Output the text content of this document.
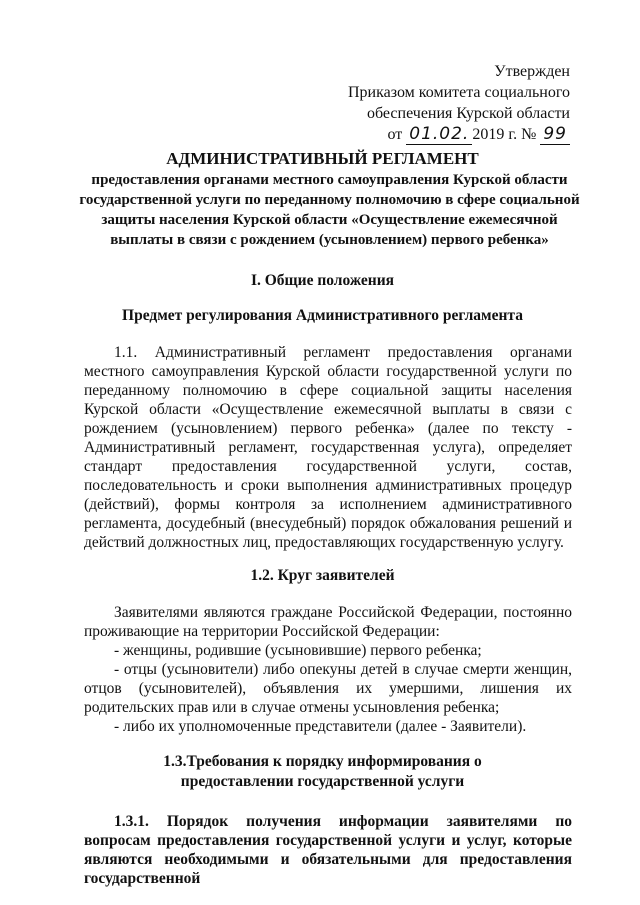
Утвержден
Приказом комитета социального
обеспечения Курской области
от 01.02. 2019 г. № 99
АДМИНИСТРАТИВНЫЙ РЕГЛАМЕНТ
предоставления органами местного самоуправления Курской области государственной услуги по переданному полномочию в сфере социальной защиты населения Курской области «Осуществление ежемесячной выплаты в связи с рождением (усыновлением) первого ребенка»
I. Общие положения
Предмет регулирования Административного регламента
1.1. Административный регламент предоставления органами местного самоуправления Курской области государственной услуги по переданному полномочию в сфере социальной защиты населения Курской области «Осуществление ежемесячной выплаты в связи с рождением (усыновлением) первого ребенка» (далее по тексту - Административный регламент, государственная услуга), определяет стандарт предоставления государственной услуги, состав, последовательность и сроки выполнения административных процедур (действий), формы контроля за исполнением административного регламента, досудебный (внесудебный) порядок обжалования решений и действий должностных лиц, предоставляющих государственную услугу.
1.2. Круг заявителей
Заявителями являются граждане Российской Федерации, постоянно проживающие на территории Российской Федерации:
- женщины, родившие (усыновившие) первого ребенка;
- отцы (усыновители) либо опекуны детей в случае смерти женщин, отцов (усыновителей), объявления их умершими, лишения их родительских прав или в случае отмены усыновления ребенка;
- либо их уполномоченные представители (далее - Заявители).
1.3.Требования к порядку информирования о предоставлении государственной услуги
1.3.1. Порядок получения информации заявителями по вопросам предоставления государственной услуги и услуг, которые являются необходимыми и обязательными для предоставления государственной
